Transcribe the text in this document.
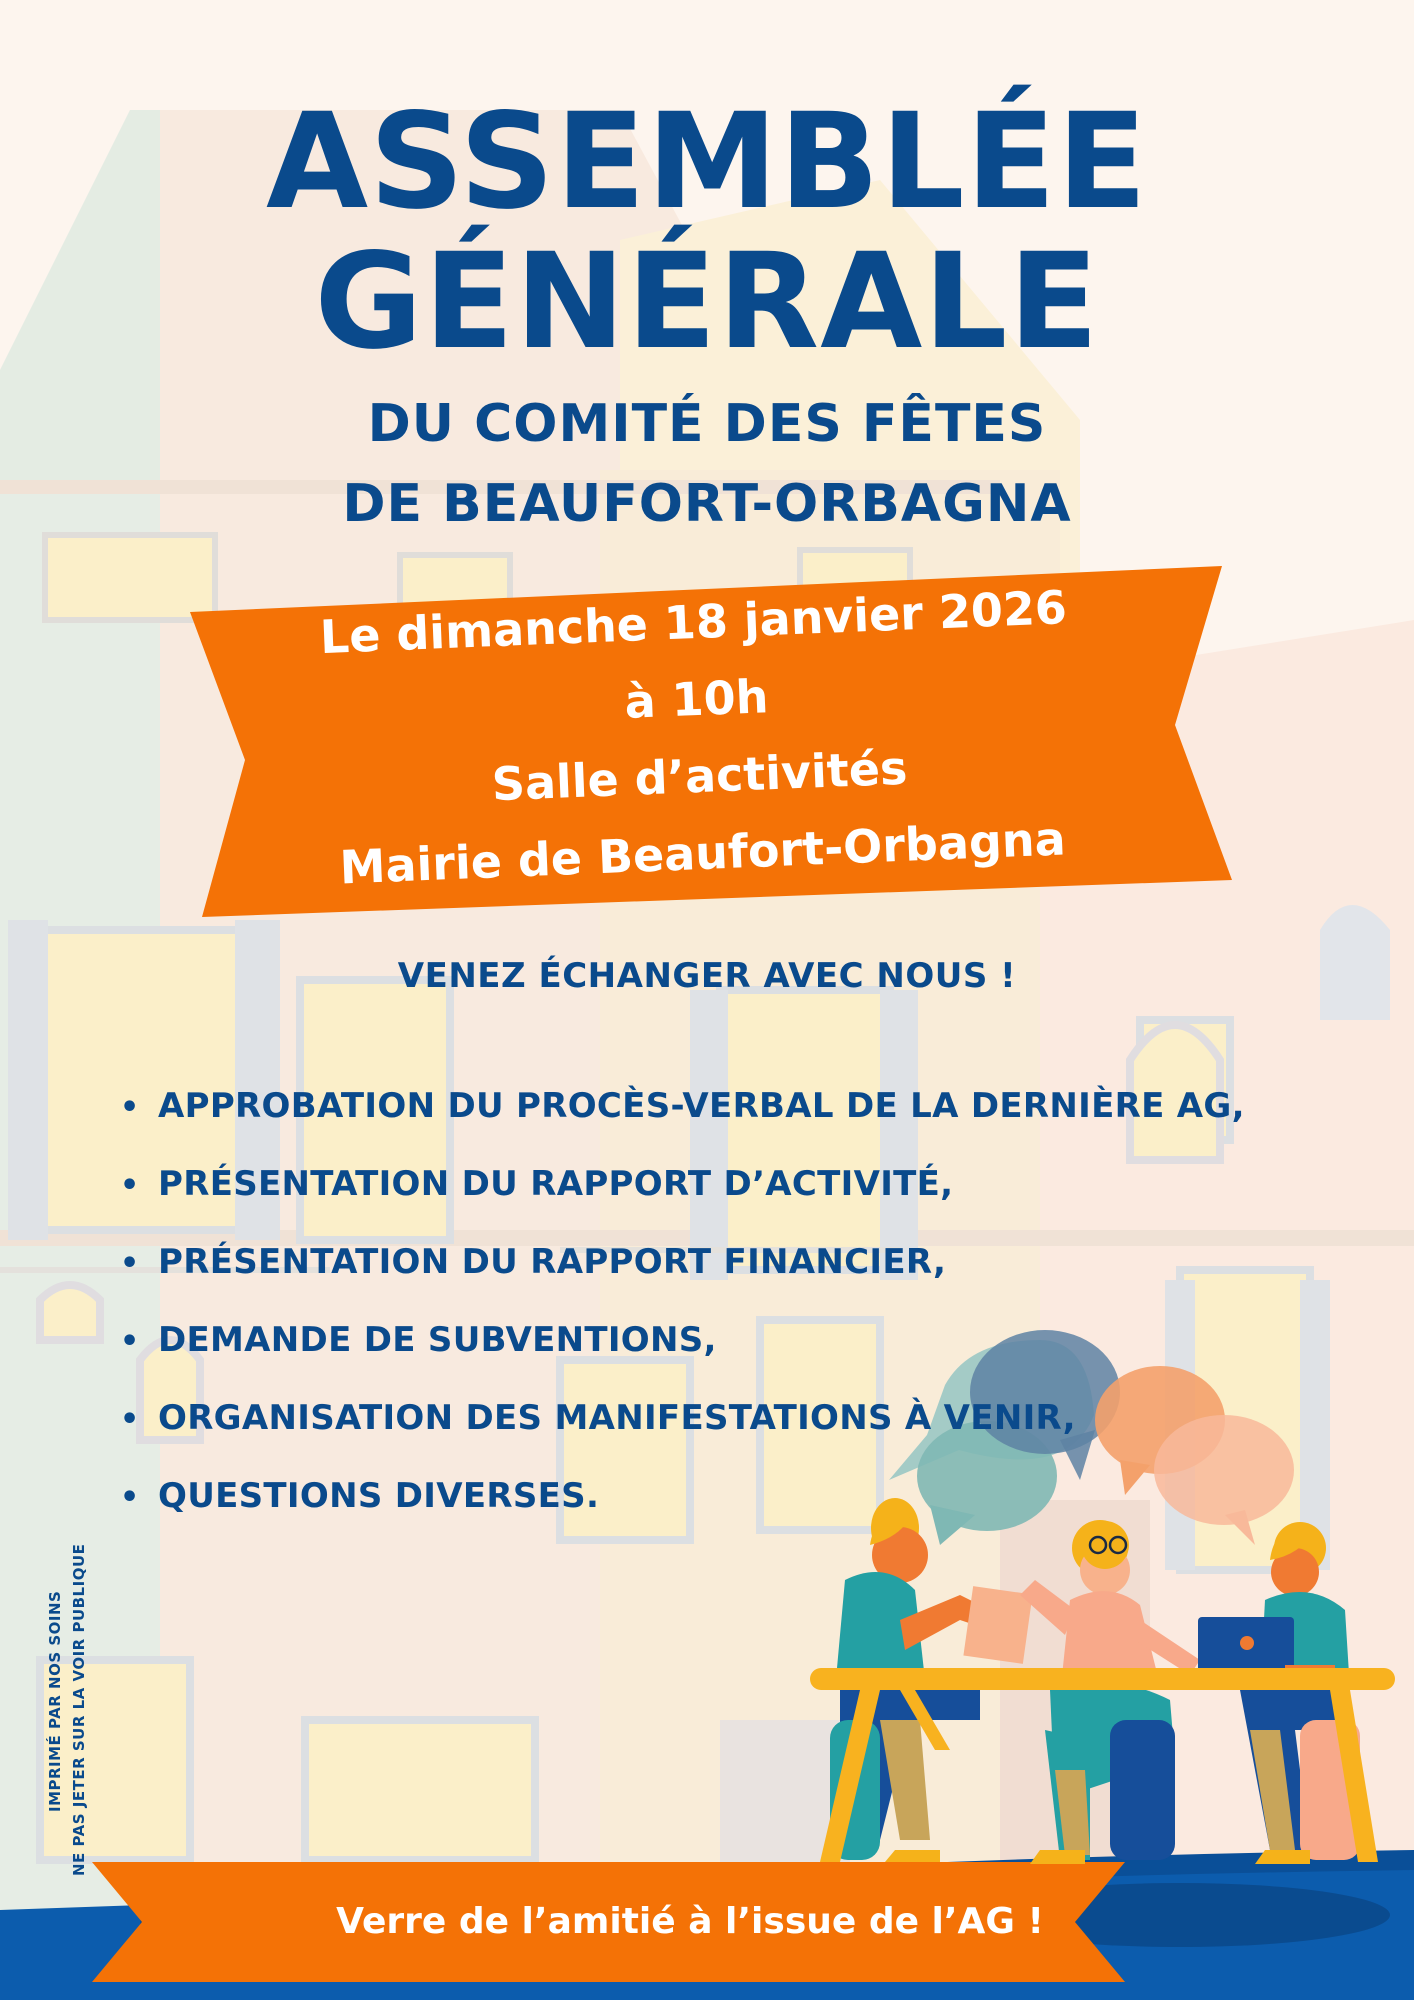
ASSEMBLÉE
GÉNÉRALE
DU COMITÉ DES FÊTES
DE BEAUFORT-ORBAGNA
Le dimanche 18 janvier 2026
à 10h
Salle d’activités
Mairie de Beaufort-Orbagna
VENEZ ÉCHANGER AVEC NOUS !
• APPROBATION DU PROCÈS-VERBAL DE LA DERNIÈRE AG,
• PRÉSENTATION DU RAPPORT D’ACTIVITÉ,
• PRÉSENTATION DU RAPPORT FINANCIER,
• DEMANDE DE SUBVENTIONS,
• ORGANISATION DES MANIFESTATIONS À VENIR,
• QUESTIONS DIVERSES.
IMPRIMÉ PAR NOS SOINS NE PAS JETER SUR LA VOIR PUBLIQUE
Verre de l’amitié à l’issue de l’AG !
